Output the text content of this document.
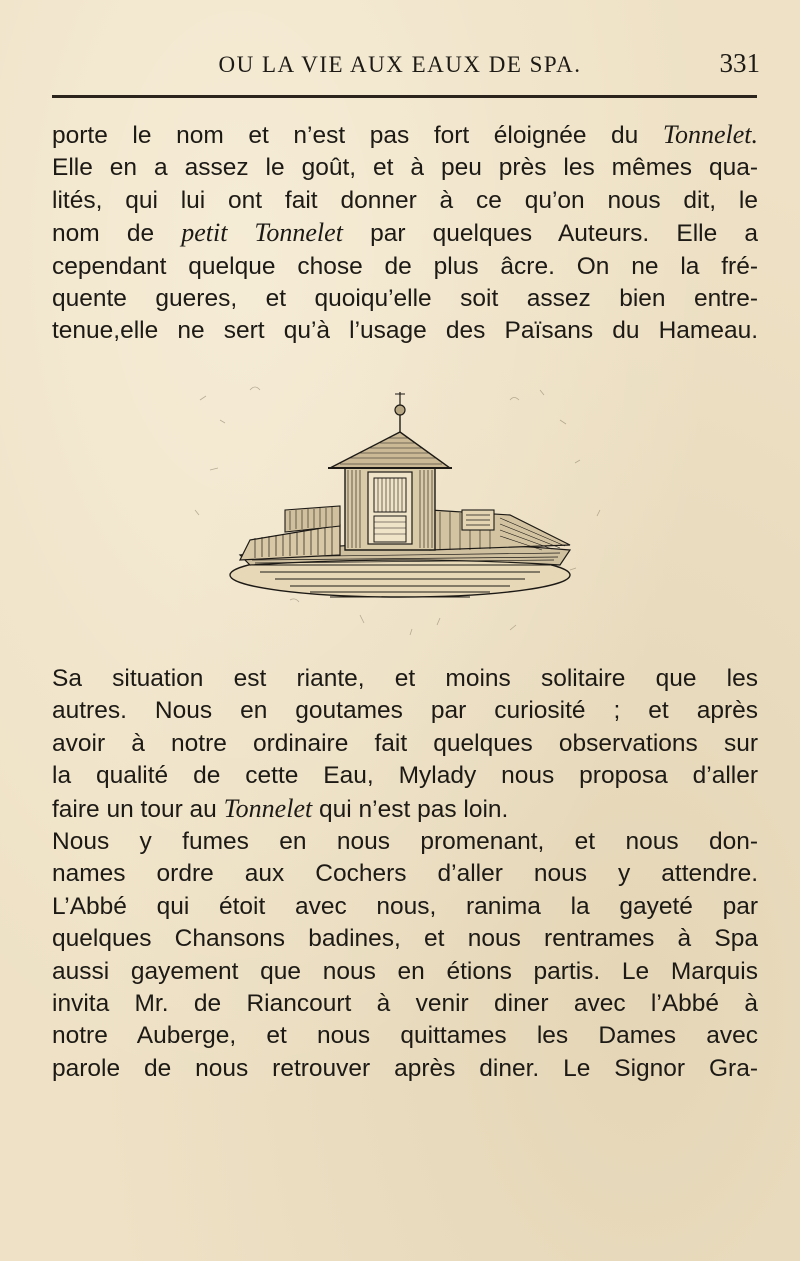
OU LA VIE AUX EAUX DE SPA.	331

porte le nom et n’est pas fort éloignée du Tonnelet.
Elle en a assez le goût, et à peu près les mêmes qua-
lités, qui lui ont fait donner à ce qu’on nous dit, le
nom de petit Tonnelet par quelques Auteurs. Elle a
cependant quelque chose de plus âcre. On ne la fré-
quente gueres, et quoiqu’elle soit assez bien entre-
tenue,elle ne sert qu’à l’usage des Païsans du Hameau.

Sa situation est riante, et moins solitaire que les
autres. Nous en goutames par curiosité ; et après
avoir à notre ordinaire fait quelques observations sur
la qualité de cette Eau, Mylady nous proposa d’aller
faire un tour au Tonnelet qui n’est pas loin.
Nous y fumes en nous promenant, et nous don-
names ordre aux Cochers d’aller nous y attendre.
L’Abbé qui étoit avec nous, ranima la gayeté par
quelques Chansons badines, et nous rentrames à Spa
aussi gayement que nous en étions partis. Le Marquis
invita Mr. de Riancourt à venir diner avec l’Abbé à
notre Auberge, et nous quittames les Dames avec
parole de nous retrouver après diner. Le Signor Gra-
